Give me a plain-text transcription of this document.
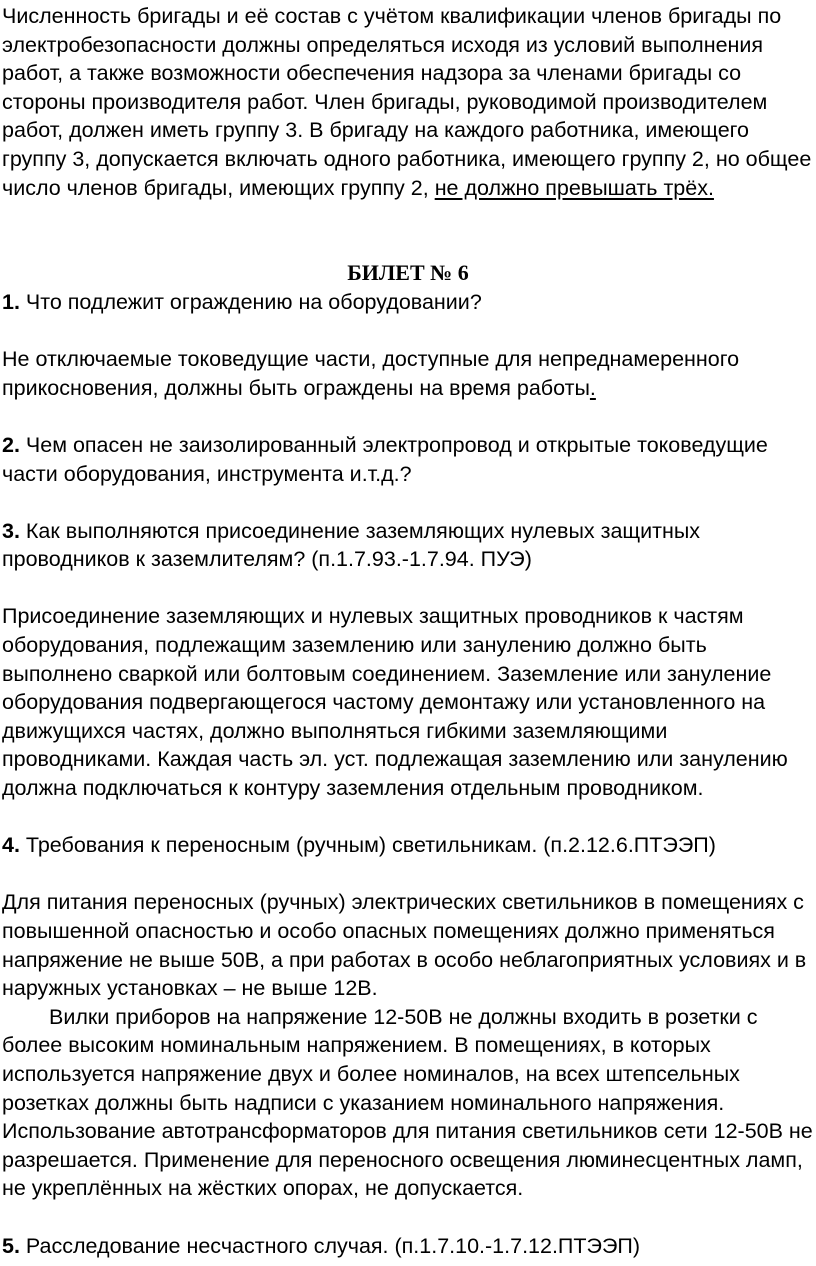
Численность бригады и её состав с учётом квалификации членов бригады по электробезопасности должны определяться исходя из условий выполнения работ, а также возможности обеспечения надзора за членами бригады со стороны производителя работ. Член бригады, руководимой производителем работ, должен иметь группу 3. В бригаду на каждого работника, имеющего группу 3, допускается включать одного работника, имеющего группу 2, но общее число членов бригады, имеющих группу 2, не должно превышать трёх.

БИЛЕТ № 6

1. Что подлежит ограждению на оборудовании?

Не отключаемые токоведущие части, доступные для непреднамеренного прикосновения, должны быть ограждены на время работы.

2. Чем опасен не заизолированный электропровод и открытые токоведущие части оборудования, инструмента и.т.д.?

3. Как выполняются присоединение заземляющих нулевых защитных проводников к заземлителям? (п.1.7.93.-1.7.94. ПУЭ)

Присоединение заземляющих и нулевых защитных проводников к частям оборудования, подлежащим заземлению или занулению должно быть выполнено сваркой или болтовым соединением. Заземление или зануление оборудования подвергающегося частому демонтажу или установленного на движущихся частях, должно выполняться гибкими заземляющими проводниками. Каждая часть эл. уст. подлежащая заземлению или занулению должна подключаться к контуру заземления отдельным проводником.

4. Требования к переносным (ручным) светильникам. (п.2.12.6.ПТЭЭП)

Для питания переносных (ручных) электрических светильников в помещениях с повышенной опасностью и особо опасных помещениях должно применяться напряжение не выше 50В, а при работах в особо неблагоприятных условиях и в наружных установках – не выше 12В.

Вилки приборов на напряжение 12-50В не должны входить в розетки с более высоким номинальным напряжением. В помещениях, в которых используется напряжение двух и более номиналов, на всех штепсельных розетках должны быть надписи с указанием номинального напряжения. Использование автотрансформаторов для питания светильников сети 12-50В не разрешается. Применение для переносного освещения люминесцентных ламп, не укреплённых на жёстких опорах, не допускается.

5. Расследование несчастного случая. (п.1.7.10.-1.7.12.ПТЭЭП)
